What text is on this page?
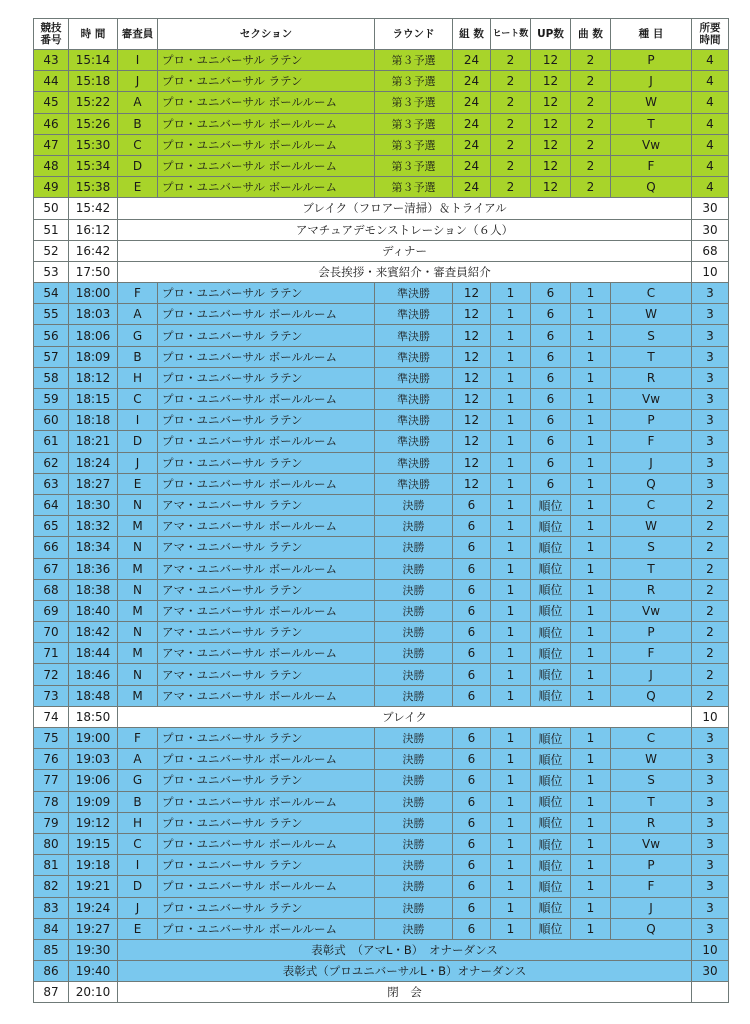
競技
番号	時 間	審査員	セクション	ラウンド	組 数	ヒート数	UP数	曲 数	種 目	所要
時間
43	15:14	I	プロ・ユニバーサル ラテン	第３予選	24	2	12	2	P	4
44	15:18	J	プロ・ユニバーサル ラテン	第３予選	24	2	12	2	J	4
45	15:22	A	プロ・ユニバーサル ボールルーム	第３予選	24	2	12	2	W	4
46	15:26	B	プロ・ユニバーサル ボールルーム	第３予選	24	2	12	2	T	4
47	15:30	C	プロ・ユニバーサル ボールルーム	第３予選	24	2	12	2	Vw	4
48	15:34	D	プロ・ユニバーサル ボールルーム	第３予選	24	2	12	2	F	4
49	15:38	E	プロ・ユニバーサル ボールルーム	第３予選	24	2	12	2	Q	4
50	15:42	ブレイク（フロアー清掃）＆トライアル								30
51	16:12	アマチュアデモンストレーション（６人）								30
52	16:42	ディナー								68
53	17:50	会長挨拶・来賓紹介・審査員紹介								10
54	18:00	F	プロ・ユニバーサル ラテン	準決勝	12	1	6	1	C	3
55	18:03	A	プロ・ユニバーサル ボールルーム	準決勝	12	1	6	1	W	3
56	18:06	G	プロ・ユニバーサル ラテン	準決勝	12	1	6	1	S	3
57	18:09	B	プロ・ユニバーサル ボールルーム	準決勝	12	1	6	1	T	3
58	18:12	H	プロ・ユニバーサル ラテン	準決勝	12	1	6	1	R	3
59	18:15	C	プロ・ユニバーサル ボールルーム	準決勝	12	1	6	1	Vw	3
60	18:18	I	プロ・ユニバーサル ラテン	準決勝	12	1	6	1	P	3
61	18:21	D	プロ・ユニバーサル ボールルーム	準決勝	12	1	6	1	F	3
62	18:24	J	プロ・ユニバーサル ラテン	準決勝	12	1	6	1	J	3
63	18:27	E	プロ・ユニバーサル ボールルーム	準決勝	12	1	6	1	Q	3
64	18:30	N	アマ・ユニバーサル ラテン	決勝	6	1	順位	1	C	2
65	18:32	M	アマ・ユニバーサル ボールルーム	決勝	6	1	順位	1	W	2
66	18:34	N	アマ・ユニバーサル ラテン	決勝	6	1	順位	1	S	2
67	18:36	M	アマ・ユニバーサル ボールルーム	決勝	6	1	順位	1	T	2
68	18:38	N	アマ・ユニバーサル ラテン	決勝	6	1	順位	1	R	2
69	18:40	M	アマ・ユニバーサル ボールルーム	決勝	6	1	順位	1	Vw	2
70	18:42	N	アマ・ユニバーサル ラテン	決勝	6	1	順位	1	P	2
71	18:44	M	アマ・ユニバーサル ボールルーム	決勝	6	1	順位	1	F	2
72	18:46	N	アマ・ユニバーサル ラテン	決勝	6	1	順位	1	J	2
73	18:48	M	アマ・ユニバーサル ボールルーム	決勝	6	1	順位	1	Q	2
74	18:50	ブレイク								10
75	19:00	F	プロ・ユニバーサル ラテン	決勝	6	1	順位	1	C	3
76	19:03	A	プロ・ユニバーサル ボールルーム	決勝	6	1	順位	1	W	3
77	19:06	G	プロ・ユニバーサル ラテン	決勝	6	1	順位	1	S	3
78	19:09	B	プロ・ユニバーサル ボールルーム	決勝	6	1	順位	1	T	3
79	19:12	H	プロ・ユニバーサル ラテン	決勝	6	1	順位	1	R	3
80	19:15	C	プロ・ユニバーサル ボールルーム	決勝	6	1	順位	1	Vw	3
81	19:18	I	プロ・ユニバーサル ラテン	決勝	6	1	順位	1	P	3
82	19:21	D	プロ・ユニバーサル ボールルーム	決勝	6	1	順位	1	F	3
83	19:24	J	プロ・ユニバーサル ラテン	決勝	6	1	順位	1	J	3
84	19:27	E	プロ・ユニバーサル ボールルーム	決勝	6	1	順位	1	Q	3
85	19:30	表彰式　（アマL・B）　オナーダンス								10
86	19:40	表彰式（プロユニバーサルL・B）オナーダンス								30
87	20:10	閉　会								
